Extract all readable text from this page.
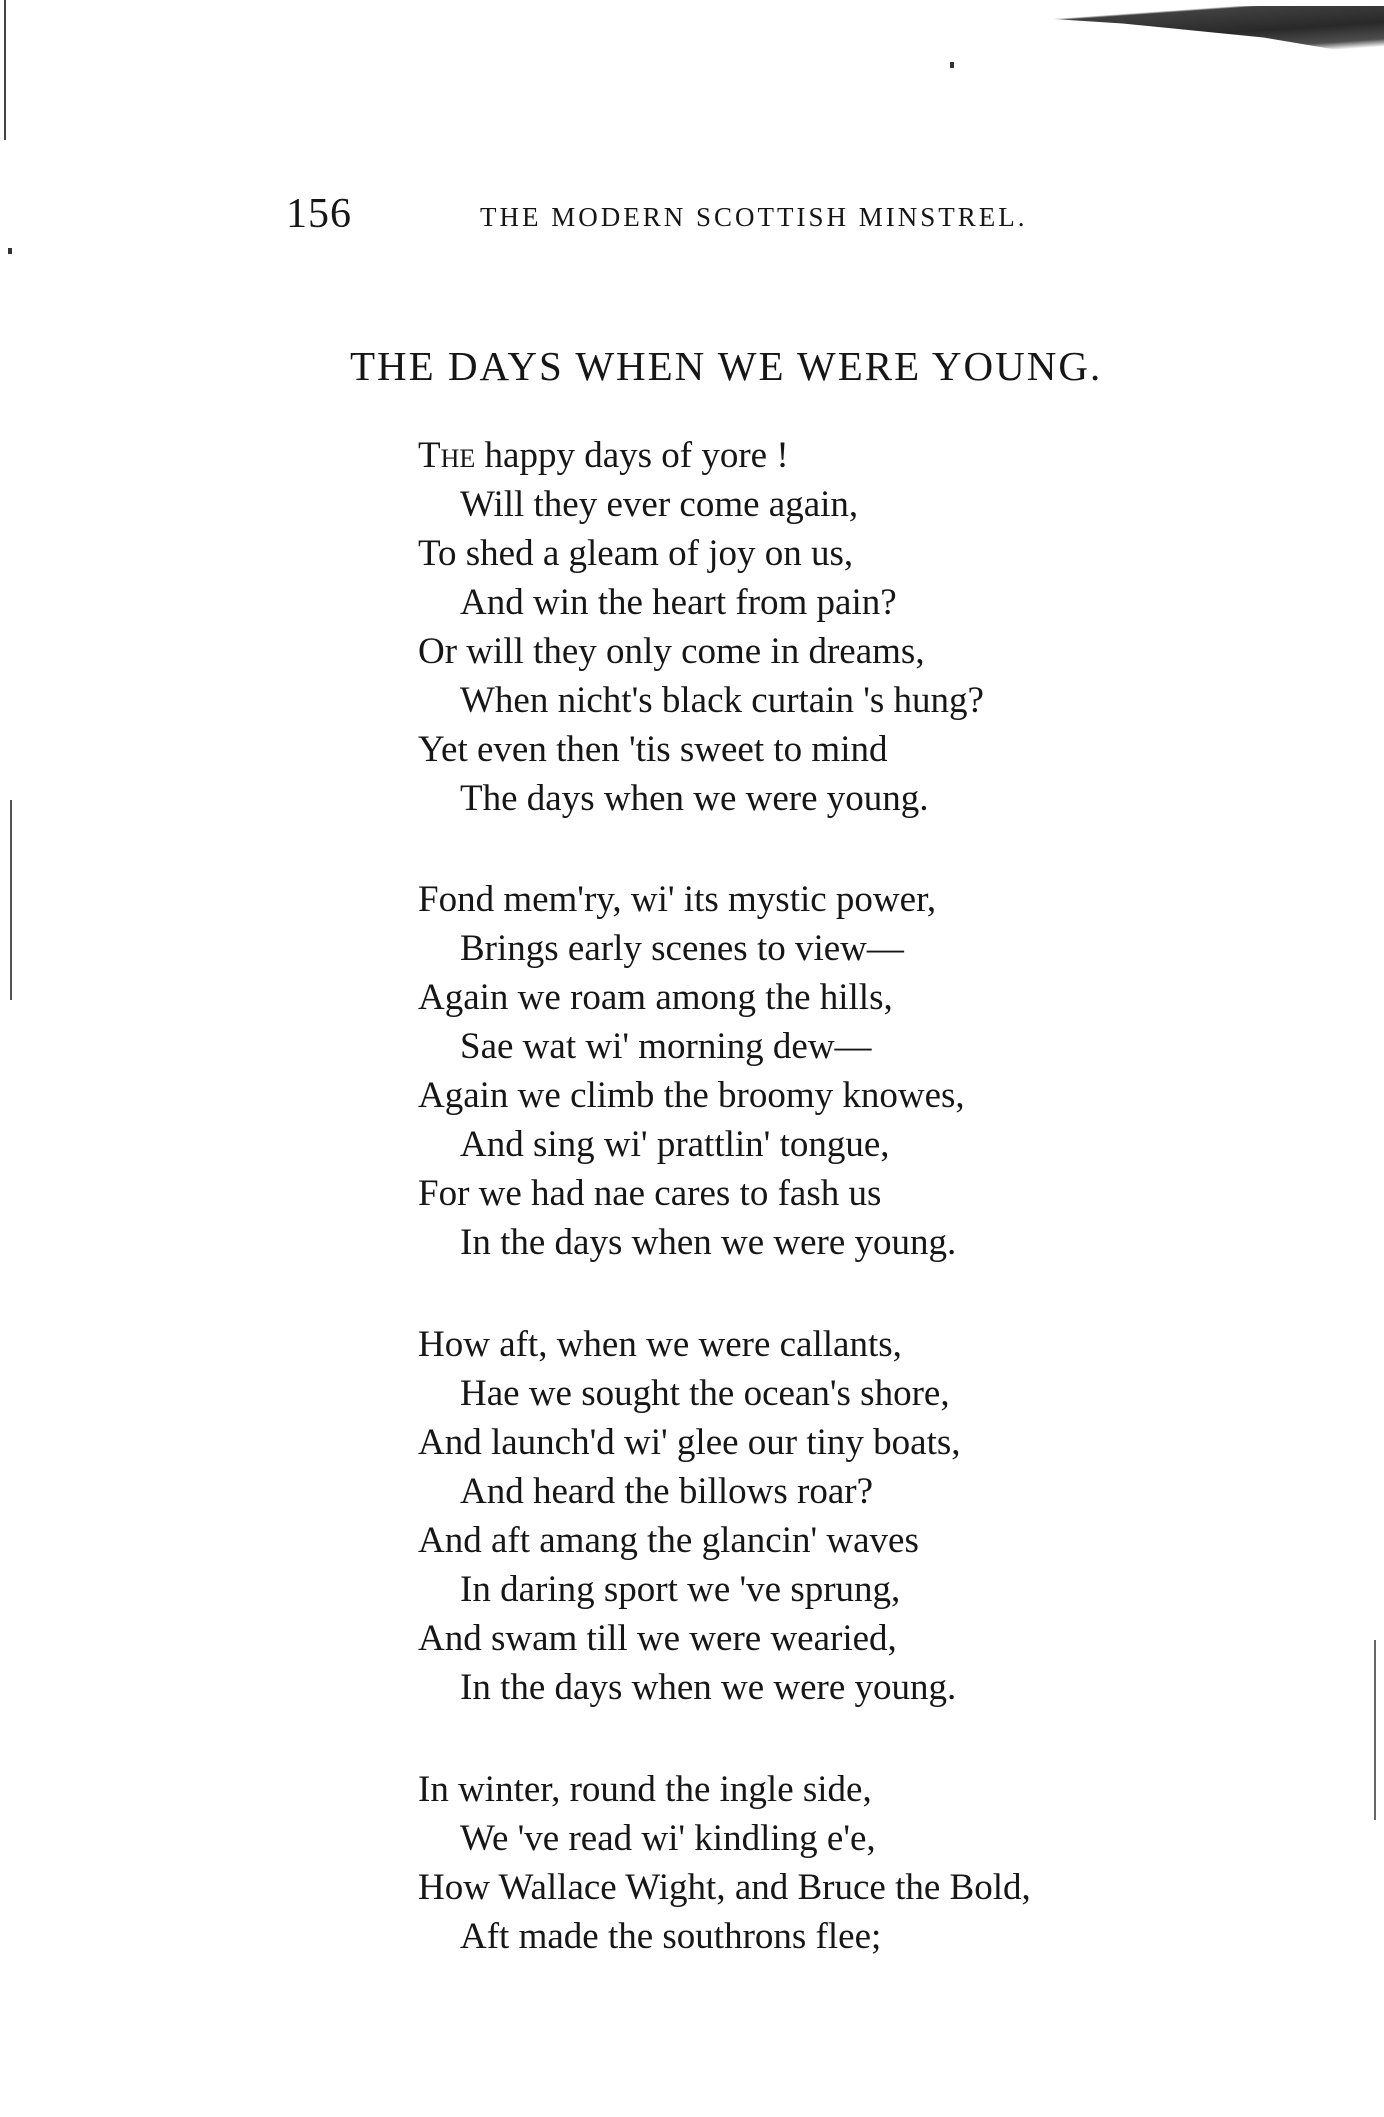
156	THE MODERN SCOTTISH MINSTREL.
THE DAYS WHEN WE WERE YOUNG.
The happy days of yore !
Will they ever come again,
To shed a gleam of joy on us,
And win the heart from pain?
Or will they only come in dreams,
When nicht's black curtain 's hung?
Yet even then 'tis sweet to mind
The days when we were young.
Fond mem'ry, wi' its mystic power,
Brings early scenes to view—
Again we roam among the hills,
Sae wat wi' morning dew—
Again we climb the broomy knowes,
And sing wi' prattlin' tongue,
For we had nae cares to fash us
In the days when we were young.
How aft, when we were callants,
Hae we sought the ocean's shore,
And launch'd wi' glee our tiny boats,
And heard the billows roar?
And aft amang the glancin' waves
In daring sport we 've sprung,
And swam till we were wearied,
In the days when we were young.
In winter, round the ingle side,
We 've read wi' kindling e'e,
How Wallace Wight, and Bruce the Bold,
Aft made the southrons flee;
